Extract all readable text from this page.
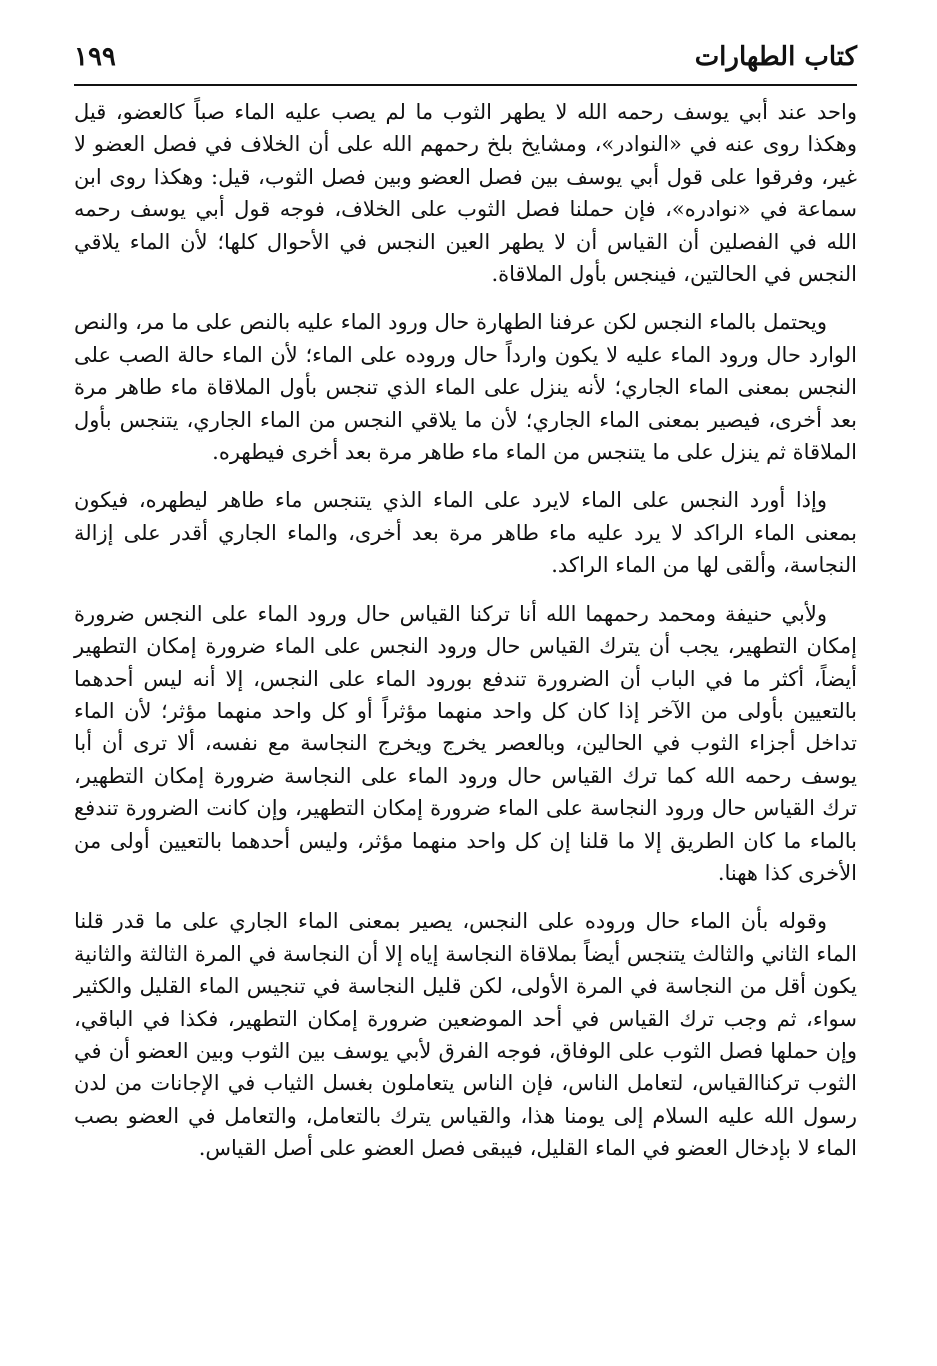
كتاب الطهارات
١٩٩

واحد عند أبي يوسف رحمه الله لا يطهر الثوب ما لم يصب عليه الماء صباً كالعضو، قيل وهكذا روى عنه في «النوادر»، ومشايخ بلخ رحمهم الله على أن الخلاف في فصل العضو لا غير، وفرقوا على قول أبي يوسف بين فصل العضو وبين فصل الثوب، قيل: وهكذا روى ابن سماعة في «نوادره»، فإن حملنا فصل الثوب على الخلاف، فوجه قول أبي يوسف رحمه الله في الفصلين أن القياس أن لا يطهر العين النجس في الأحوال كلها؛ لأن الماء يلاقي النجس في الحالتين، فينجس بأول الملاقاة.

ويحتمل بالماء النجس لكن عرفنا الطهارة حال ورود الماء عليه بالنص على ما مر، والنص الوارد حال ورود الماء عليه لا يكون وارداً حال وروده على الماء؛ لأن الماء حالة الصب على النجس بمعنى الماء الجاري؛ لأنه ينزل على الماء الذي تنجس بأول الملاقاة ماء طاهر مرة بعد أخرى، فيصير بمعنى الماء الجاري؛ لأن ما يلاقي النجس من الماء الجاري، يتنجس بأول الملاقاة ثم ينزل على ما يتنجس من الماء ماء طاهر مرة بعد أخرى فيطهره.

وإذا أورد النجس على الماء لايرد على الماء الذي يتنجس ماء طاهر ليطهره، فيكون بمعنى الماء الراكد لا يرد عليه ماء طاهر مرة بعد أخرى، والماء الجاري أقدر على إزالة النجاسة، وألقى لها من الماء الراكد.

ولأبي حنيفة ومحمد رحمهما الله أنا تركنا القياس حال ورود الماء على النجس ضرورة إمكان التطهير، يجب أن يترك القياس حال ورود النجس على الماء ضرورة إمكان التطهير أيضاً، أكثر ما في الباب أن الضرورة تندفع بورود الماء على النجس، إلا أنه ليس أحدهما بالتعيين بأولى من الآخر إذا كان كل واحد منهما مؤثراً أو كل واحد منهما مؤثر؛ لأن الماء تداخل أجزاء الثوب في الحالين، وبالعصر يخرج ويخرج النجاسة مع نفسه، ألا ترى أن أبا يوسف رحمه الله كما ترك القياس حال ورود الماء على النجاسة ضرورة إمكان التطهير، ترك القياس حال ورود النجاسة على الماء ضرورة إمكان التطهير، وإن كانت الضرورة تندفع بالماء ما كان الطريق إلا ما قلنا إن كل واحد منهما مؤثر، وليس أحدهما بالتعيين أولى من الأخرى كذا ههنا.

وقوله بأن الماء حال وروده على النجس، يصير بمعنى الماء الجاري على ما قدر قلنا الماء الثاني والثالث يتنجس أيضاً بملاقاة النجاسة إياه إلا أن النجاسة في المرة الثالثة والثانية يكون أقل من النجاسة في المرة الأولى، لكن قليل النجاسة في تنجيس الماء القليل والكثير سواء، ثم وجب ترك القياس في أحد الموضعين ضرورة إمكان التطهير، فكذا في الباقي، وإن حملها فصل الثوب على الوفاق، فوجه الفرق لأبي يوسف بين الثوب وبين العضو أن في الثوب تركناالقياس، لتعامل الناس، فإن الناس يتعاملون بغسل الثياب في الإجانات من لدن رسول الله عليه السلام إلى يومنا هذا، والقياس يترك بالتعامل، والتعامل في العضو بصب الماء لا بإدخال العضو في الماء القليل، فيبقى فصل العضو على أصل القياس.
